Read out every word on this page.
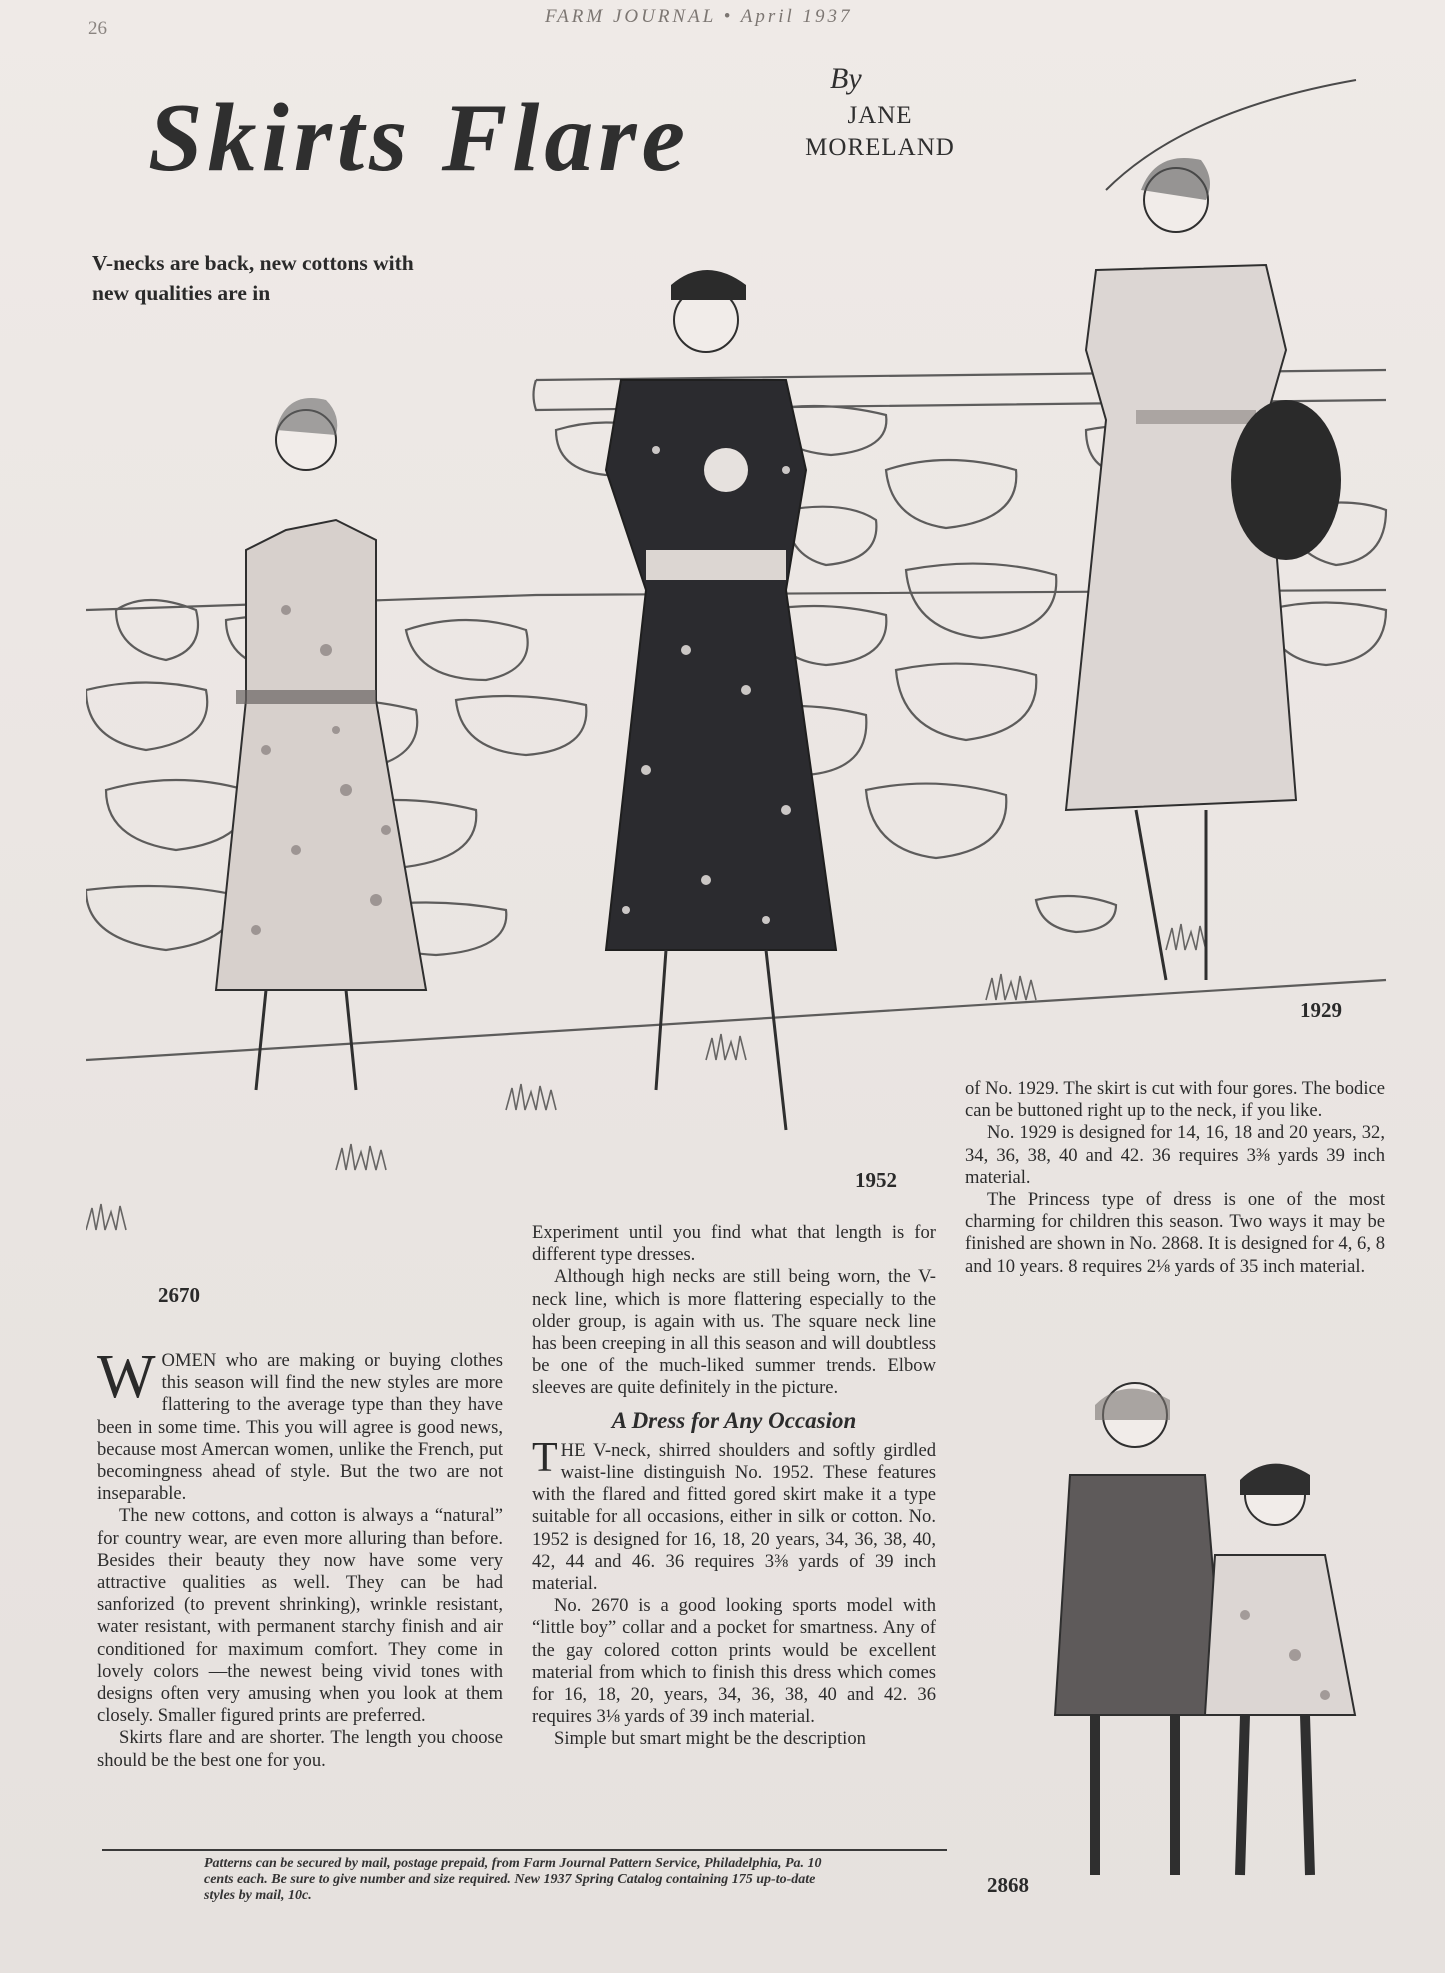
26
FARM JOURNAL • April 1937
Skirts Flare
By
JANE
MORELAND
V-necks are back, new cottons with new qualities are in
2670
1952
1929
2868

WOMEN who are making or buying clothes this season will find the new styles are more flattering to the average type than they have been in some time. This you will agree is good news, because most Amercan women, unlike the French, put becomingness ahead of style. But the two are not inseparable.

The new cottons, and cotton is always a “natural” for country wear, are even more alluring than before. Besides their beauty they now have some very attractive qualities as well. They can be had sanforized (to prevent shrinking), wrinkle resistant, water resistant, with permanent starchy finish and air conditioned for maximum comfort. They come in lovely colors —the newest being vivid tones with designs often very amusing when you look at them closely. Smaller figured prints are preferred.

Skirts flare and are shorter. The length you choose should be the best one for you.

Experiment until you find what that length is for different type dresses.

Although high necks are still being worn, the V-neck line, which is more flattering especially to the older group, is again with us. The square neck line has been creeping in all this season and will doubtless be one of the much-liked summer trends. Elbow sleeves are quite definitely in the picture.

A Dress for Any Occasion

THE V-neck, shirred shoulders and softly girdled waist-line distinguish No. 1952. These features with the flared and fitted gored skirt make it a type suitable for all occasions, either in silk or cotton. No. 1952 is designed for 16, 18, 20 years, 34, 36, 38, 40, 42, 44 and 46. 36 requires 3⅜ yards of 39 inch material.

No. 2670 is a good looking sports model with “little boy” collar and a pocket for smartness. Any of the gay colored cotton prints would be excellent material from which to finish this dress which comes for 16, 18, 20, years, 34, 36, 38, 40 and 42. 36 requires 3⅛ yards of 39 inch material.

Simple but smart might be the description

of No. 1929. The skirt is cut with four gores. The bodice can be buttoned right up to the neck, if you like.

No. 1929 is designed for 14, 16, 18 and 20 years, 32, 34, 36, 38, 40 and 42. 36 requires 3⅜ yards 39 inch material.

The Princess type of dress is one of the most charming for children this season. Two ways it may be finished are shown in No. 2868. It is designed for 4, 6, 8 and 10 years. 8 requires 2⅛ yards of 35 inch material.

Patterns can be secured by mail, postage prepaid, from Farm Journal Pattern Service, Philadelphia, Pa. 10 cents each. Be sure to give number and size required. New 1937 Spring Catalog containing 175 up-to-date styles by mail, 10c.
